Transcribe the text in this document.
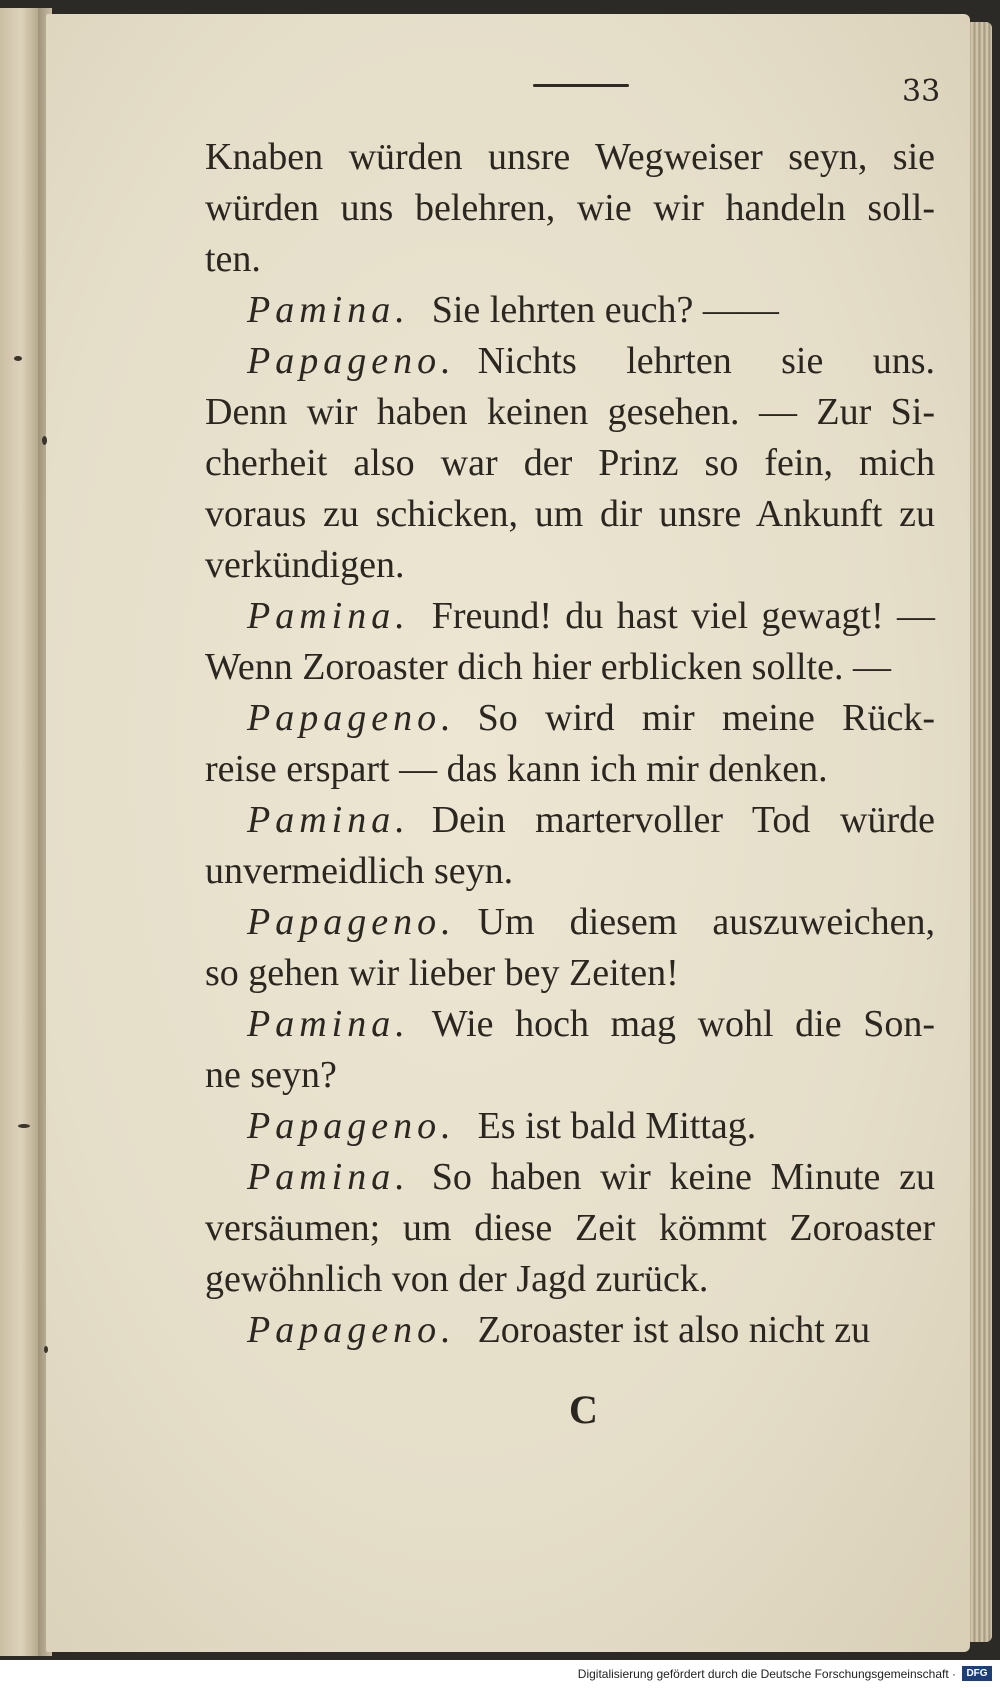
33
Knaben würden unsre Wegweiser seyn, sie
würden uns belehren, wie wir handeln soll-
ten.
Pamina. Sie lehrten euch? ——
Papageno. Nichts lehrten sie uns.
Denn wir haben keinen gesehen. — Zur Si-
cherheit also war der Prinz so fein, mich
voraus zu schicken, um dir unsre Ankunft zu
verkündigen.
Pamina. Freund! du hast viel gewagt! —
Wenn Zoroaster dich hier erblicken sollte. —
Papageno. So wird mir meine Rück-
reise erspart — das kann ich mir denken.
Pamina. Dein martervoller Tod würde
unvermeidlich seyn.
Papageno. Um diesem auszuweichen,
so gehen wir lieber bey Zeiten!
Pamina. Wie hoch mag wohl die Son-
ne seyn?
Papageno. Es ist bald Mittag.
Pamina. So haben wir keine Minute zu
versäumen; um diese Zeit kömmt Zoroaster
gewöhnlich von der Jagd zurück.
Papageno. Zoroaster ist also nicht zu
C
Digitalisierung gefördert durch die Deutsche Forschungsgemeinschaft ·	DFG
